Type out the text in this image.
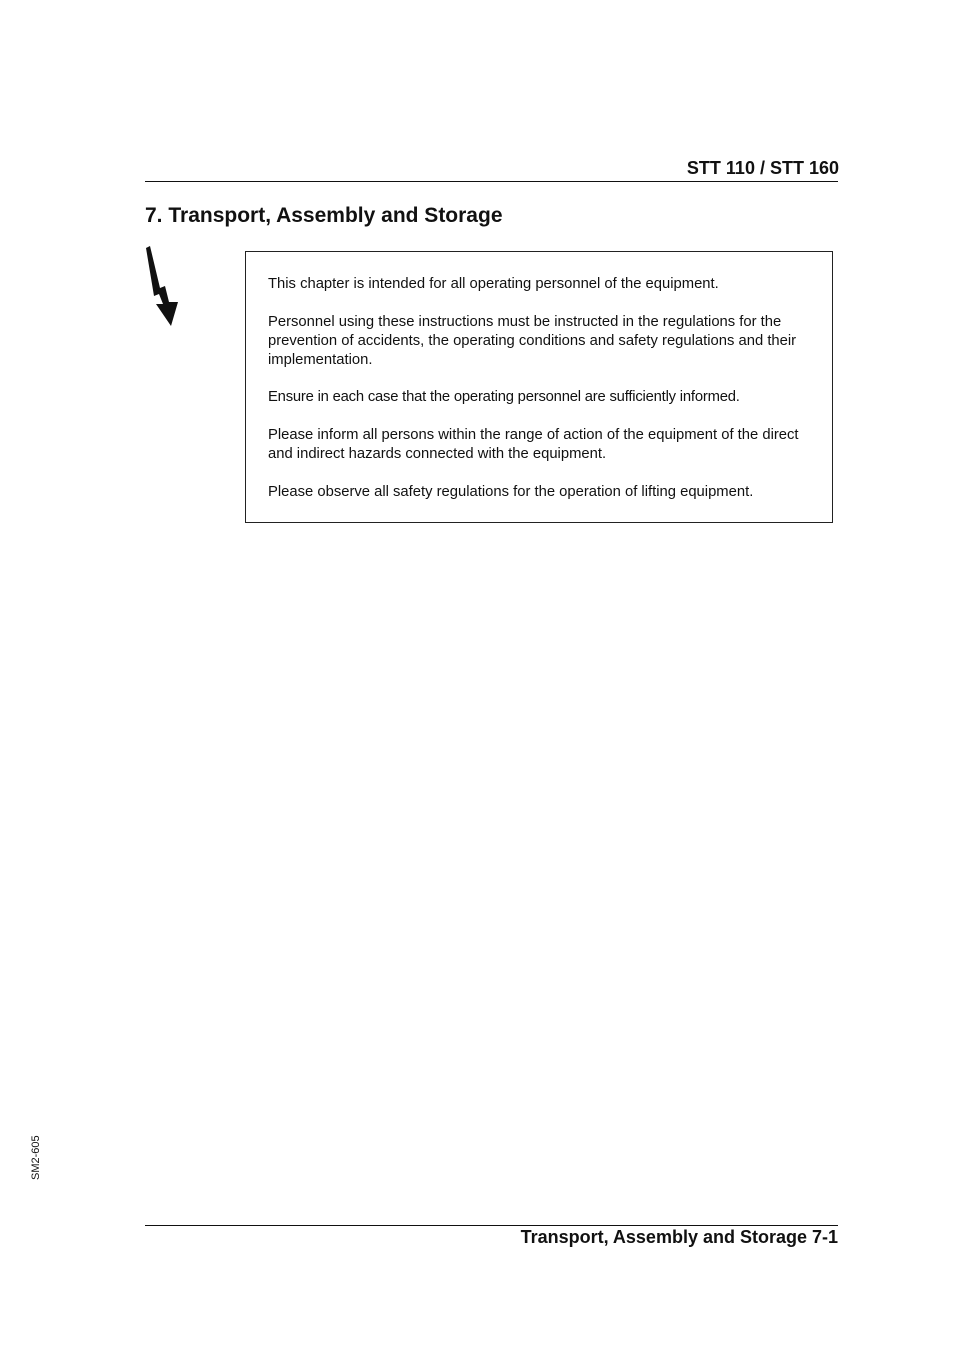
STT 110 / STT 160
7. Transport, Assembly and Storage

This chapter is intended for all operating personnel of the equipment.

Personnel using these instructions must be instructed in the regulations for the prevention of accidents, the operating conditions and safety regulations and their implementation.

Ensure in each case that the operating personnel are sufficiently informed.

Please inform all persons within the range of action of the equipment of the direct and indirect hazards connected with the equipment.

Please observe all safety regulations for the operation of lifting equipment.

SM2-605
Transport, Assembly and Storage 7-1
